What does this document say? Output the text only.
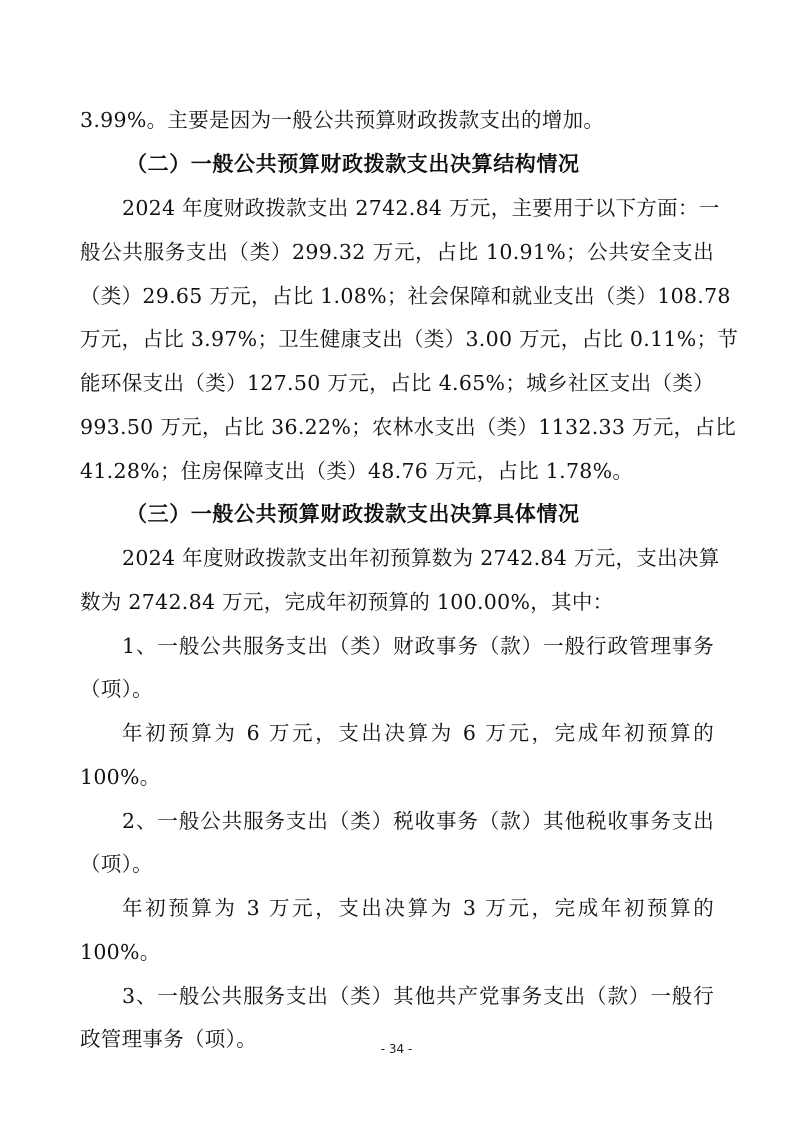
3.99%。主要是因为一般公共预算财政拨款支出的增加。
（二）一般公共预算财政拨款支出决算结构情况
2024 年度财政拨款支出 2742.84 万元，主要用于以下方面：一
般公共服务支出（类）299.32 万元，占比 10.91%；公共安全支出
（类）29.65 万元，占比 1.08%；社会保障和就业支出（类）108.78
万元，占比 3.97%；卫生健康支出（类）3.00 万元，占比 0.11%；节
能环保支出（类）127.50 万元，占比 4.65%；城乡社区支出（类）
993.50 万元，占比 36.22%；农林水支出（类）1132.33 万元，占比
41.28%；住房保障支出（类）48.76 万元，占比 1.78%。
（三）一般公共预算财政拨款支出决算具体情况
2024 年度财政拨款支出年初预算数为 2742.84 万元，支出决算
数为 2742.84 万元，完成年初预算的 100.00%，其中：
1、一般公共服务支出（类）财政事务（款）一般行政管理事务
（项）。
年初预算为 6 万元，支出决算为 6 万元，完成年初预算的
100%。
2、一般公共服务支出（类）税收事务（款）其他税收事务支出
（项）。
年初预算为 3 万元，支出决算为 3 万元，完成年初预算的
100%。
3、一般公共服务支出（类）其他共产党事务支出（款）一般行
政管理事务（项）。	- 34 -
